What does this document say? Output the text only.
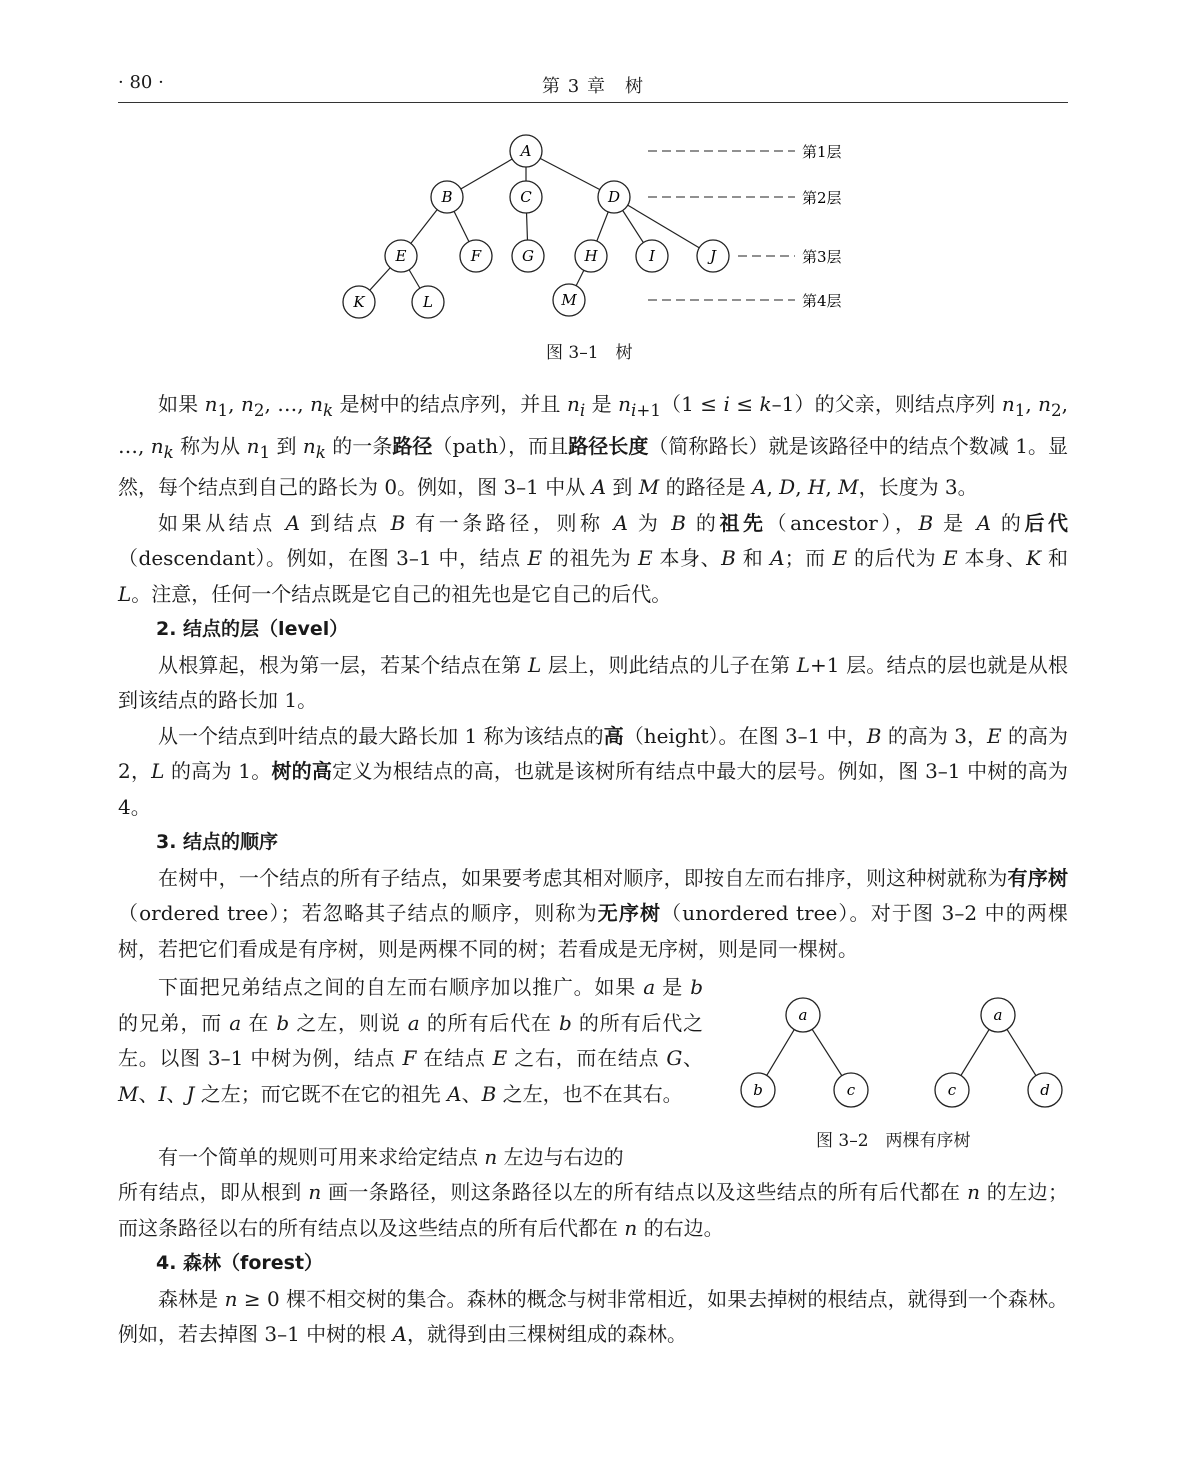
· 80 ·	第 3 章　树
A
B	C	D
E	F	G	H	I	J
K	L	M
第1层
第2层
第3层
第4层
图 3–1　树

如果 $n_1$, $n_2$, …, $n_k$ 是树中的结点序列，并且 $n_i$ 是 $n_{i+1}(1 \le i \le k-1)$的父亲，则结点序列 $n_1$, $n_2$, …, $n_k$ 称为从 $n_1$ 到 $n_k$ 的一条路径（path），而且路径长度（简称路长）就是该路径中的结点个数减 1。显然，每个结点到自己的路长为 0。例如，图 3–1 中从 A 到 M 的路径是 A, D, H, M，长度为 3。

如果从结点 A 到结点 B 有一条路径，则称 A 为 B 的祖先（ancestor），B 是 A 的后代（descendant）。例如，在图 3–1 中，结点 E 的祖先为 E 本身、B 和 A；而 E 的后代为 E 本身、K 和 L。注意，任何一个结点既是它自己的祖先也是它自己的后代。

2. 结点的层（level）

从根算起，根为第一层，若某个结点在第 L 层上，则此结点的儿子在第 L+1 层。结点的层也就是从根到该结点的路长加 1。

从一个结点到叶结点的最大路长加 1 称为该结点的高（height）。在图 3–1 中，B 的高为 3，E 的高为 2，L 的高为 1。树的高定义为根结点的高，也就是该树所有结点中最大的层号。例如，图 3–1 中树的高为 4。

3. 结点的顺序

在树中，一个结点的所有子结点，如果要考虑其相对顺序，即按自左而右排序，则这种树就称为有序树（ordered tree）；若忽略其子结点的顺序，则称为无序树（unordered tree）。对于图 3–2 中的两棵树，若把它们看成是有序树，则是两棵不同的树；若看成是无序树，则是同一棵树。

下面把兄弟结点之间的自左而右顺序加以推广。如果 a 是 b 的兄弟，而 a 在 b 之左，则说 a 的所有后代在 b 的所有后代之左。以图 3–1 中树为例，结点 F 在结点 E 之右，而在结点 G、M、I、J 之左；而它既不在它的祖先 A、B 之左，也不在其右。
a
b	c
a
c	d
图 3–2　两棵有序树
有一个简单的规则可用来求给定结点 n 左边与右边的

所有结点，即从根到 n 画一条路径，则这条路径以左的所有结点以及这些结点的所有后代都在 n 的左边；而这条路径以右的所有结点以及这些结点的所有后代都在 n 的右边。

4. 森林（forest）

森林是 n ≥ 0 棵不相交树的集合。森林的概念与树非常相近，如果去掉树的根结点，就得到一个森林。例如，若去掉图 3–1 中树的根 A，就得到由三棵树组成的森林。
